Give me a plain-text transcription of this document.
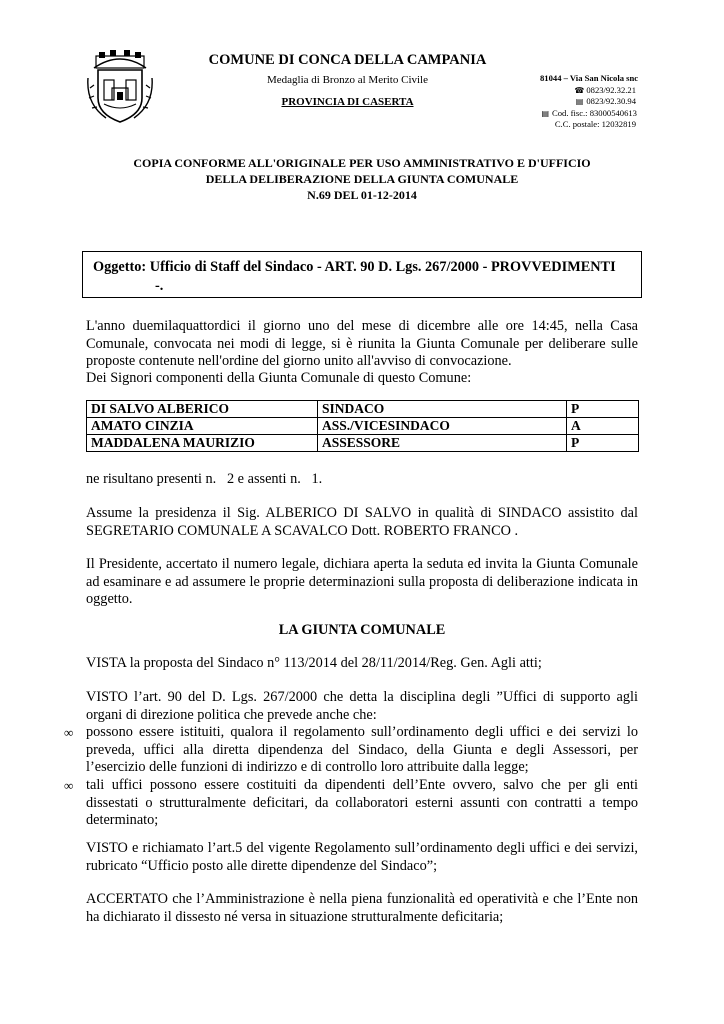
COMUNE DI CONCA DELLA CAMPANIA
Medaglia di Bronzo al Merito Civile
PROVINCIA DI CASERTA
81044 – Via San Nicola snc
☎ 0823/92.32.21
▤ 0823/92.30.94
▤ Cod. fisc.: 83000540613
C.C. postale: 12032819
COPIA CONFORME ALL'ORIGINALE PER USO AMMINISTRATIVO E D'UFFICIO
DELLA DELIBERAZIONE DELLA GIUNTA COMUNALE
N.69 DEL 01-12-2014
Oggetto: Ufficio di Staff del Sindaco - ART. 90 D. Lgs. 267/2000 - PROVVEDIMENTI
-.
L'anno duemilaquattordici il giorno uno del mese di dicembre alle ore 14:45, nella Casa Comunale, convocata nei modi di legge, si è riunita la Giunta Comunale per deliberare sulle proposte contenute nell'ordine del giorno unito all'avviso di convocazione.
Dei Signori componenti della Giunta Comunale di questo Comune:
DI SALVO ALBERICO	SINDACO	P
AMATO CINZIA	ASS./VICESINDACO	A
MADDALENA MAURIZIO	ASSESSORE	P
ne risultano presenti n.   2 e assenti n.   1.
Assume la presidenza il Sig. ALBERICO DI SALVO in qualità di SINDACO assistito dal SEGRETARIO COMUNALE A SCAVALCO Dott. ROBERTO FRANCO .
Il Presidente, accertato il numero legale, dichiara aperta la seduta ed invita la Giunta Comunale ad esaminare e ad assumere le proprie determinazioni sulla proposta di deliberazione indicata in oggetto.
LA GIUNTA COMUNALE
VISTA la proposta del Sindaco n° 113/2014 del 28/11/2014/Reg. Gen. Agli atti;
VISTO l’art. 90 del D. Lgs. 267/2000 che detta la disciplina degli ”Uffici di supporto agli organi di direzione politica che prevede anche che:
∞ possono essere istituiti, qualora il regolamento sull’ordinamento degli uffici e dei servizi lo preveda, uffici alla diretta dipendenza del Sindaco, della Giunta e degli Assessori, per l’esercizio delle funzioni di indirizzo e di controllo loro attribuite dalla legge;
∞ tali uffici possono essere costituiti da dipendenti dell’Ente ovvero, salvo che per gli enti dissestati o strutturalmente deficitari, da collaboratori esterni assunti con contratti a tempo determinato;
VISTO e richiamato l’art.5 del vigente Regolamento sull’ordinamento degli uffici e dei servizi, rubricato “Ufficio posto alle dirette dipendenze del Sindaco”;
ACCERTATO che l’Amministrazione è nella piena funzionalità ed operatività e che l’Ente non ha dichiarato il dissesto né versa in situazione strutturalmente deficitaria;
